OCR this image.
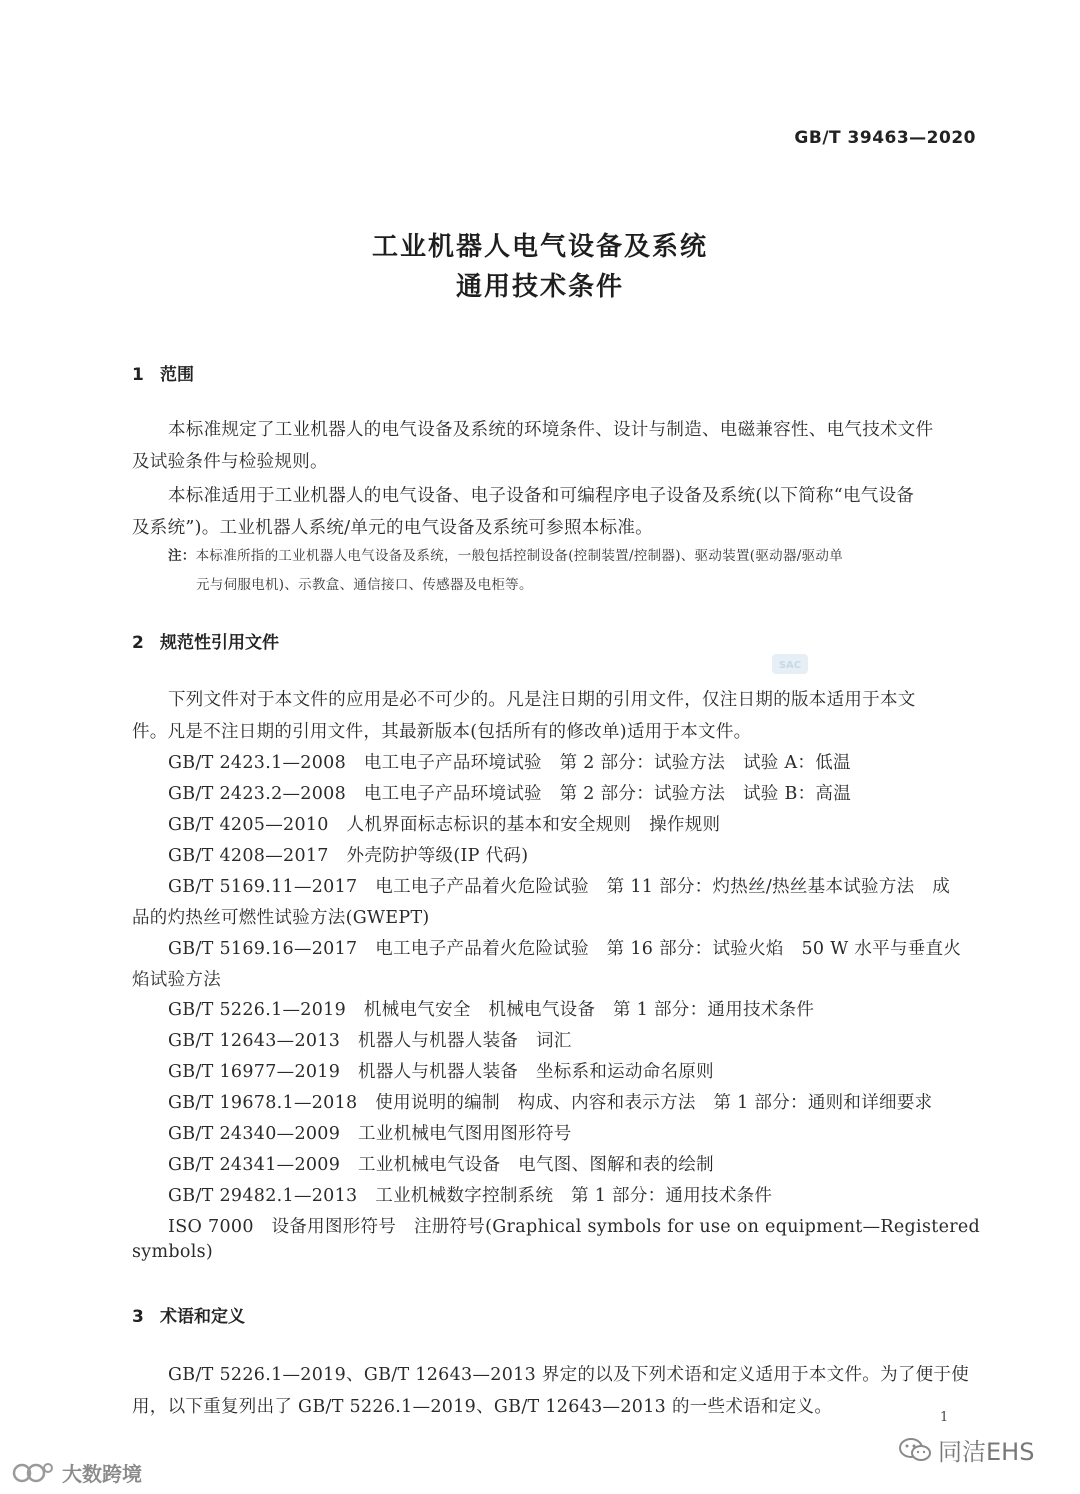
GB/T 39463—2020
工业机器人电气设备及系统
通用技术条件
1 范围
本标准规定了工业机器人的电气设备及系统的环境条件、设计与制造、电磁兼容性、电气技术文件
及试验条件与检验规则。
本标准适用于工业机器人的电气设备、电子设备和可编程序电子设备及系统(以下简称“电气设备
及系统”)。工业机器人系统/单元的电气设备及系统可参照本标准。
注：本标准所指的工业机器人电气设备及系统，一般包括控制设备(控制装置/控制器)、驱动装置(驱动器/驱动单
元与伺服电机)、示教盒、通信接口、传感器及电柜等。
2 规范性引用文件
SAC
下列文件对于本文件的应用是必不可少的。凡是注日期的引用文件，仅注日期的版本适用于本文
件。凡是不注日期的引用文件，其最新版本(包括所有的修改单)适用于本文件。
GB/T 2423.1—2008　电工电子产品环境试验　第 2 部分：试验方法　试验 A：低温
GB/T 2423.2—2008　电工电子产品环境试验　第 2 部分：试验方法　试验 B：高温
GB/T 4205—2010　人机界面标志标识的基本和安全规则　操作规则
GB/T 4208—2017　外壳防护等级(IP 代码)
GB/T 5169.11—2017　电工电子产品着火危险试验　第 11 部分：灼热丝/热丝基本试验方法　成
品的灼热丝可燃性试验方法(GWEPT)
GB/T 5169.16—2017　电工电子产品着火危险试验　第 16 部分：试验火焰　50 W 水平与垂直火
焰试验方法
GB/T 5226.1—2019　机械电气安全　机械电气设备　第 1 部分：通用技术条件
GB/T 12643—2013　机器人与机器人装备　词汇
GB/T 16977—2019　机器人与机器人装备　坐标系和运动命名原则
GB/T 19678.1—2018　使用说明的编制　构成、内容和表示方法　第 1 部分：通则和详细要求
GB/T 24340—2009　工业机械电气图用图形符号
GB/T 24341—2009　工业机械电气设备　电气图、图解和表的绘制
GB/T 29482.1—2013　工业机械数字控制系统　第 1 部分：通用技术条件
ISO 7000　设备用图形符号　注册符号(Graphical symbols for use on equipment—Registered
symbols)
3 术语和定义
GB/T 5226.1—2019、GB/T 12643—2013 界定的以及下列术语和定义适用于本文件。为了便于使
用，以下重复列出了 GB/T 5226.1—2019、GB/T 12643—2013 的一些术语和定义。
1
同洁EHS
大数跨境
